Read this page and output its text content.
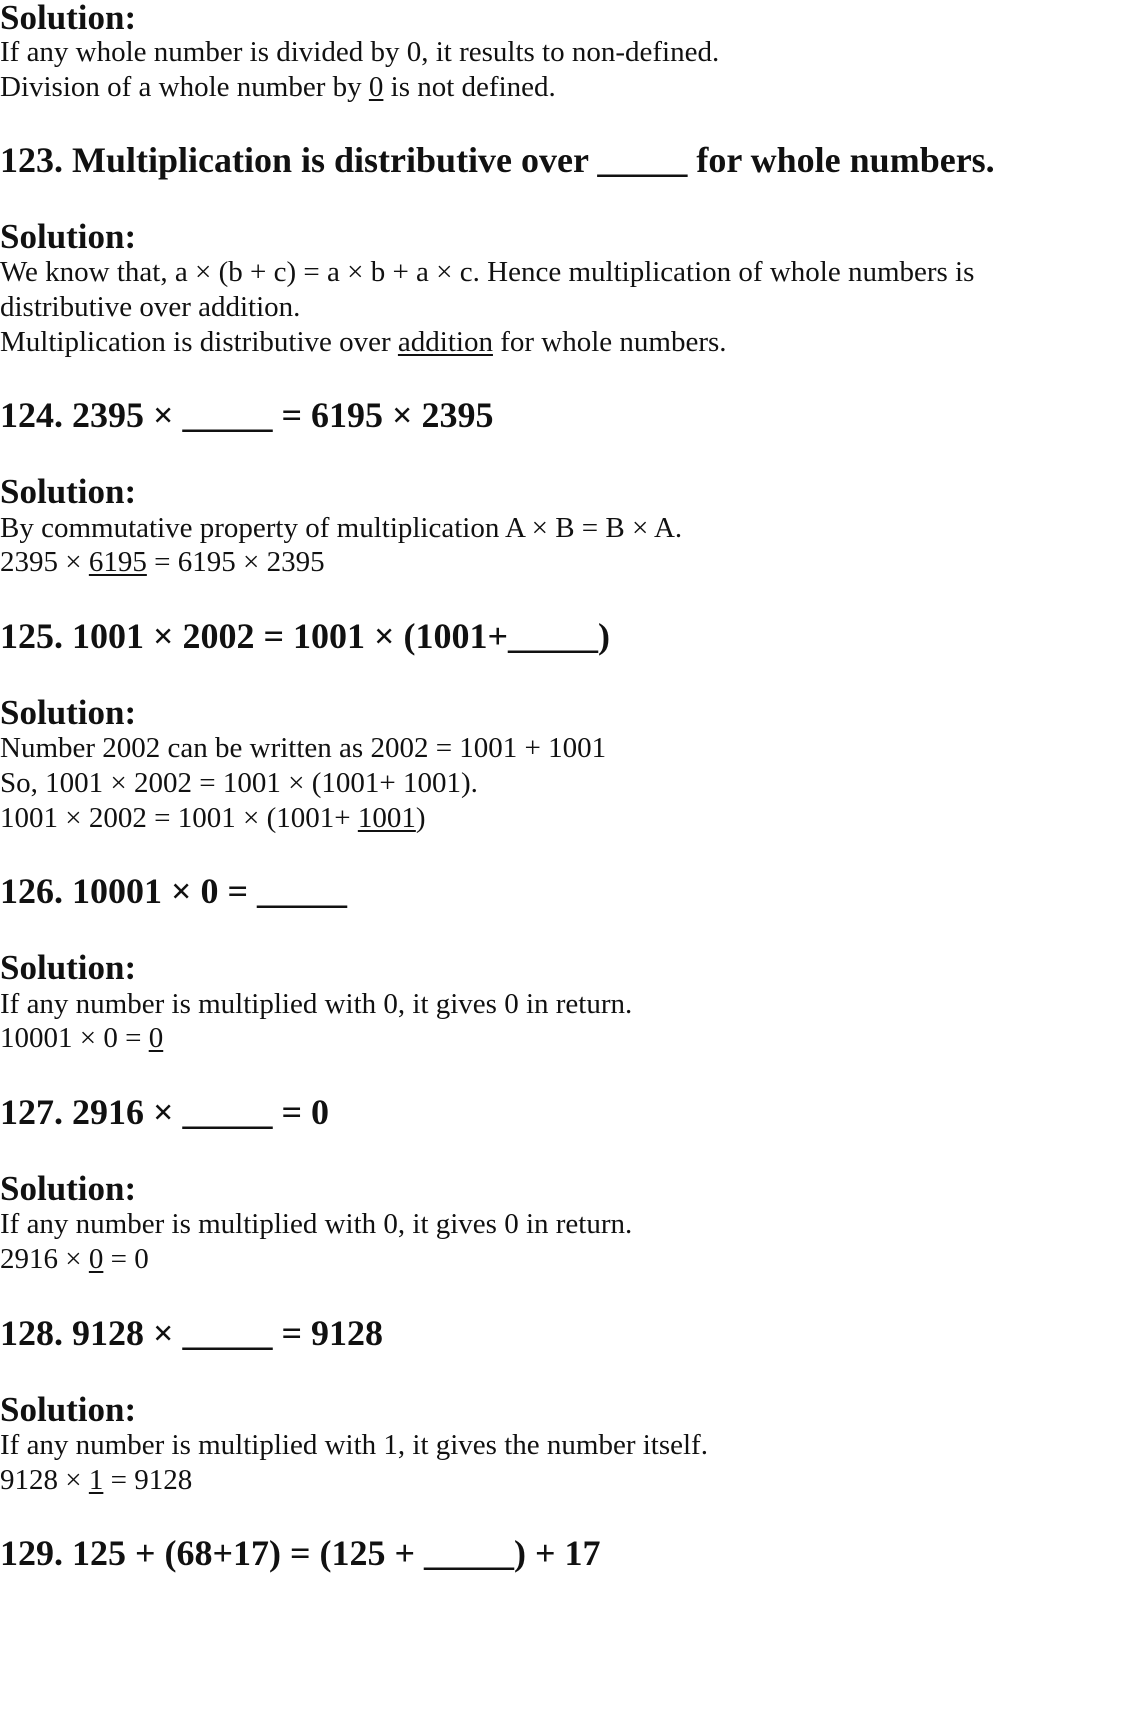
Solution:
If any whole number is divided by 0, it results to non-defined.
Division of a whole number by 0 is not defined.
123. Multiplication is distributive over _____ for whole numbers.
Solution:
We know that, a × (b + c) = a × b + a × c. Hence multiplication of whole numbers is
distributive over addition.
Multiplication is distributive over addition for whole numbers.
124. 2395 × _____ = 6195 × 2395
Solution:
By commutative property of multiplication A × B = B × A.
2395 × 6195 = 6195 × 2395
125. 1001 × 2002 = 1001 × (1001+_____)
Solution:
Number 2002 can be written as 2002 = 1001 + 1001
So, 1001 × 2002 = 1001 × (1001+ 1001).
1001 × 2002 = 1001 × (1001+ 1001)
126. 10001 × 0 = _____
Solution:
If any number is multiplied with 0, it gives 0 in return.
10001 × 0 = 0
127. 2916 × _____ = 0
Solution:
If any number is multiplied with 0, it gives 0 in return.
2916 × 0 = 0
128. 9128 × _____ = 9128
Solution:
If any number is multiplied with 1, it gives the number itself.
9128 × 1 = 9128
129. 125 + (68+17) = (125 + _____) + 17
